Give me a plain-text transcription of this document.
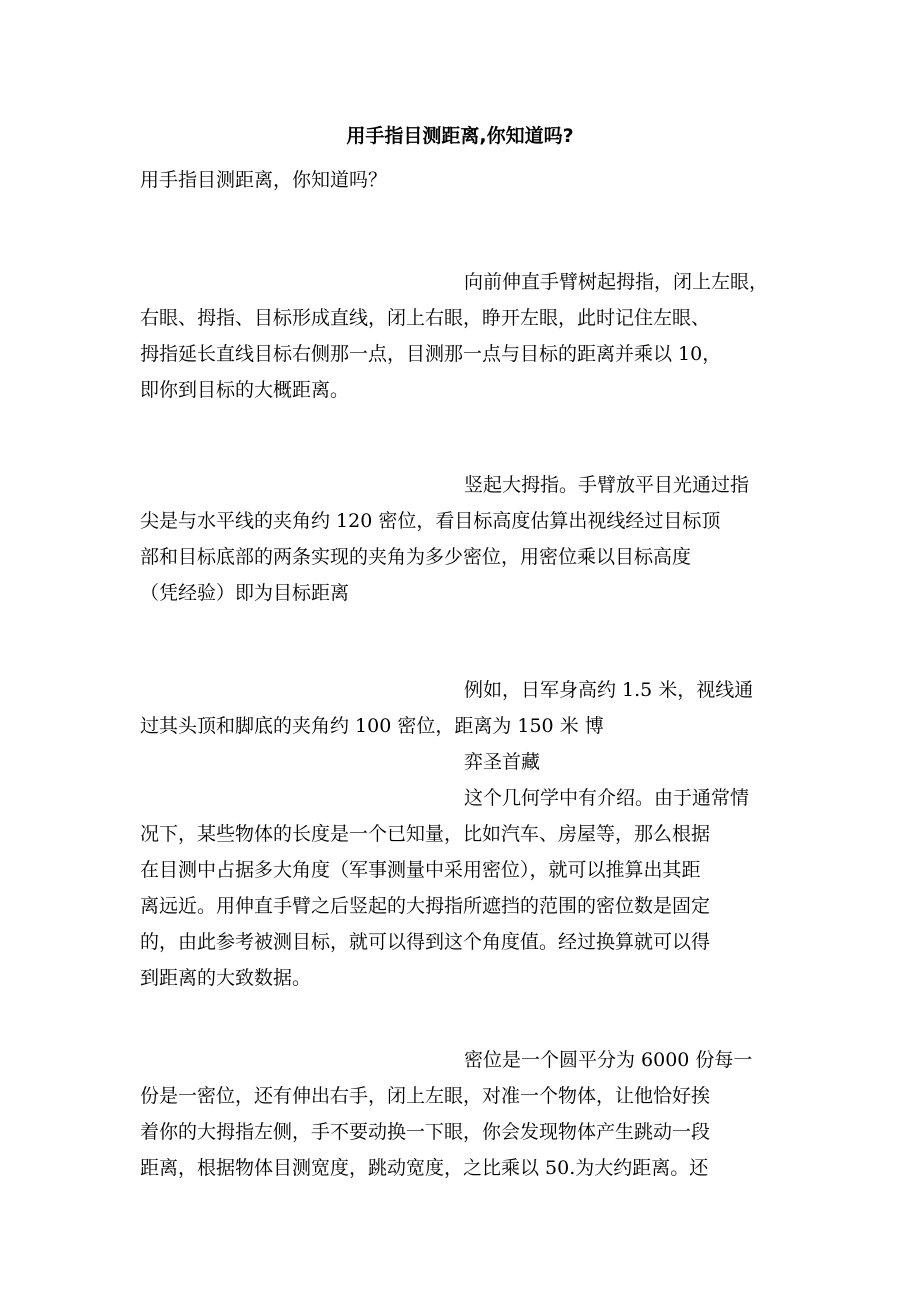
用手指目测距离,你知道吗?
用手指目测距离，你知道吗？
向前伸直手臂树起拇指，闭上左眼，
右眼、拇指、目标形成直线，闭上右眼，睁开左眼，此时记住左眼、
拇指延长直线目标右侧那一点，目测那一点与目标的距离并乘以 10，
即你到目标的大概距离。
竖起大拇指。手臂放平目光通过指
尖是与水平线的夹角约 120 密位，看目标高度估算出视线经过目标顶
部和目标底部的两条实现的夹角为多少密位，用密位乘以目标高度
（凭经验）即为目标距离
例如，日军身高约 1.5 米，视线通
过其头顶和脚底的夹角约 100 密位，距离为 150 米 博
弈圣首藏
这个几何学中有介绍。由于通常情
况下，某些物体的长度是一个已知量，比如汽车、房屋等，那么根据
在目测中占据多大角度（军事测量中采用密位），就可以推算出其距
离远近。用伸直手臂之后竖起的大拇指所遮挡的范围的密位数是固定
的，由此参考被测目标，就可以得到这个角度值。经过换算就可以得
到距离的大致数据。
密位是一个圆平分为 6000 份每一
份是一密位，还有伸出右手，闭上左眼，对准一个物体，让他恰好挨
着你的大拇指左侧，手不要动换一下眼，你会发现物体产生跳动一段
距离，根据物体目测宽度，跳动宽度，之比乘以 50.为大约距离。还
